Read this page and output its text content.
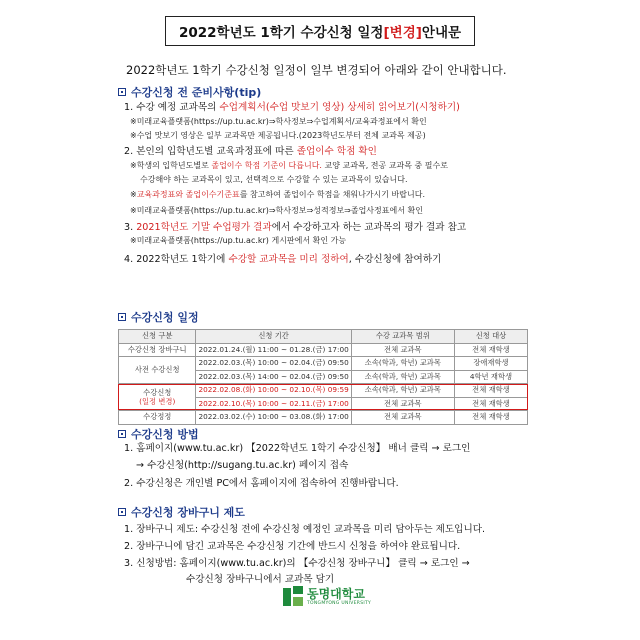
2022학년도 1학기 수강신청 일정 [변경] 안내문
2022학년도 1학기 수강신청 일정이 일부 변경되어 아래와 같이 안내합니다.
수강신청 전 준비사항(tip)
1. 수강 예정 교과목의 수업계획서(수업 맛보기 영상) 상세히 읽어보기(시청하기)
※미래교육플랫폼(https://up.tu.ac.kr)⇒학사정보⇒수업계획서/교육과정표에서 확인
※수업 맛보기 영상은 일부 교과목만 제공됩니다.(2023학년도부터 전체 교과목 제공)
2. 본인의 입학년도별 교육과정표에 따른 졸업이수 학점 확인
※학생의 입학년도별로 졸업이수 학점 기준이 다릅니다. 교양 교과목, 전공 교과목 중 필수로
수강해야 하는 교과목이 있고, 선택적으로 수강할 수 있는 교과목이 있습니다.
※교육과정표와 졸업이수기준표를 참고하여 졸업이수 학점을 채워나가시기 바랍니다.
※미래교육플랫폼(https://up.tu.ac.kr)⇒학사정보⇒성적정보⇒졸업사정표에서 확인
3. 2021학년도 기말 수업평가 결과에서 수강하고자 하는 교과목의 평가 결과 참고
※미래교육플랫폼(https://up.tu.ac.kr) 게시판에서 확인 가능
4. 2022학년도 1학기에 수강할 교과목을 미리 정하여, 수강신청에 참여하기
수강신청 일정
신청 구분	신청 기간	수강 교과목 범위	신청 대상
수강신청 장바구니	2022.01.24.(월) 11:00 ~ 01.28.(금) 17:00	전체 교과목	전체 재학생
사전 수강신청	2022.02.03.(목) 10:00 ~ 02.04.(금) 09:50	소속(학과, 학년) 교과목	장애재학생
	2022.02.03.(목) 14:00 ~ 02.04.(금) 09:50	소속(학과, 학년) 교과목	4학년 재학생
수강신청
(일정 변경)	2022.02.08.(화) 10:00 ~ 02.10.(목) 09:59	소속(학과, 학년) 교과목	전체 재학생
	2022.02.10.(목) 10:00 ~ 02.11.(금) 17:00	전체 교과목	전체 재학생
수강정정	2022.03.02.(수) 10:00 ~ 03.08.(화) 17:00	전체 교과목	전체 재학생
수강신청 방법
1. 홈페이지(www.tu.ac.kr) 【2022학년도 1학기 수강신청】 배너 클릭 → 로그인
→ 수강신청(http://sugang.tu.ac.kr) 페이지 접속
2. 수강신청은 개인별 PC에서 홈페이지에 접속하여 진행바랍니다.
수강신청 장바구니 제도
1. 장바구니 제도: 수강신청 전에 수강신청 예정인 교과목을 미리 담아두는 제도입니다.
2. 장바구니에 담긴 교과목은 수강신청 기간에 반드시 신청을 하여야 완료됩니다.
3. 신청방법: 홈페이지(www.tu.ac.kr)의 【수강신청 장바구니】 클릭 → 로그인 →
수강신청 장바구니에서 교과목 담기
동명대학교
TONGMYONG UNIVERSITY
